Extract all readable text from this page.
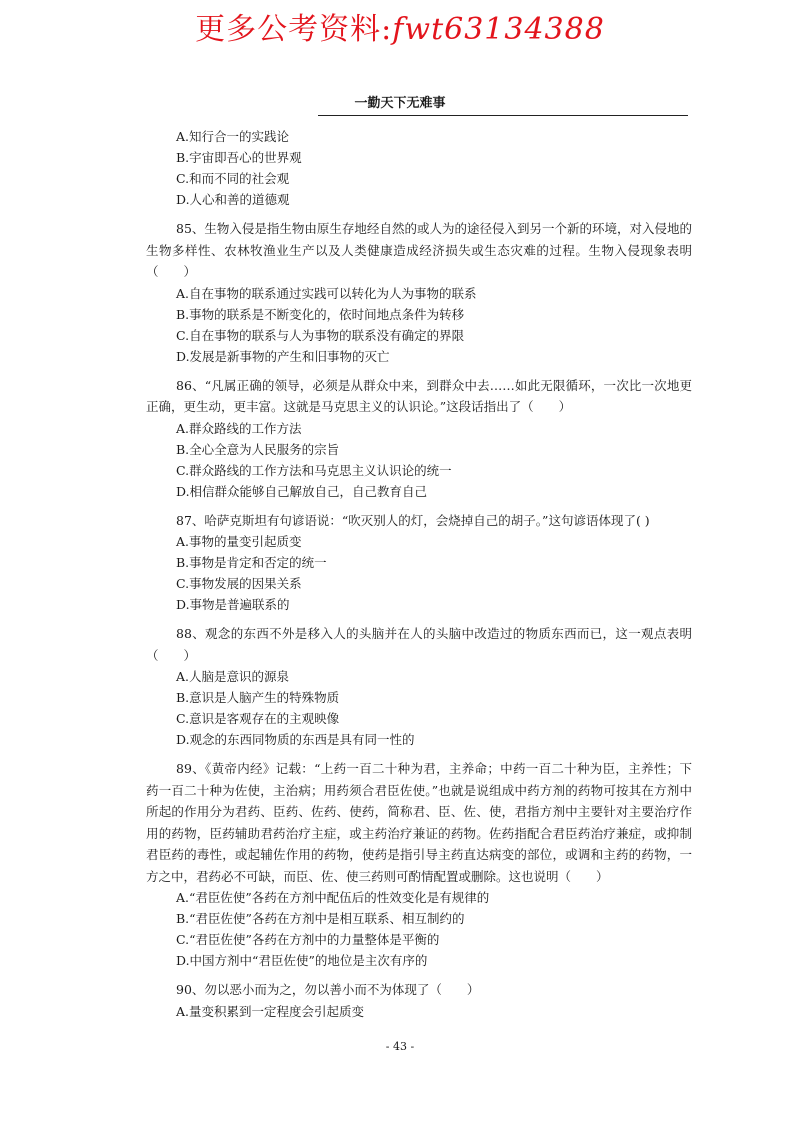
更多公考资料:fwt63134388
一勤天下无难事
A.知行合一的实践论
B.宇宙即吾心的世界观
C.和而不同的社会观
D.人心和善的道德观

85、生物入侵是指生物由原生存地经自然的或人为的途径侵入到另一个新的环境，对入侵地的生物多样性、农林牧渔业生产以及人类健康造成经济损失或生态灾难的过程。生物入侵现象表明（　　）

A.自在事物的联系通过实践可以转化为人为事物的联系
B.事物的联系是不断变化的，依时间地点条件为转移
C.自在事物的联系与人为事物的联系没有确定的界限
D.发展是新事物的产生和旧事物的灭亡

86、“凡属正确的领导，必须是从群众中来，到群众中去……如此无限循环，一次比一次地更正确，更生动，更丰富。这就是马克思主义的认识论。”这段话指出了（　　）

A.群众路线的工作方法
B.全心全意为人民服务的宗旨
C.群众路线的工作方法和马克思主义认识论的统一
D.相信群众能够自己解放自己，自己教育自己

87、哈萨克斯坦有句谚语说：“吹灭别人的灯，会烧掉自己的胡子。”这句谚语体现了( )

A.事物的量变引起质变
B.事物是肯定和否定的统一
C.事物发展的因果关系
D.事物是普遍联系的

88、观念的东西不外是移入人的头脑并在人的头脑中改造过的物质东西而已，这一观点表明（　　）

A.人脑是意识的源泉
B.意识是人脑产生的特殊物质
C.意识是客观存在的主观映像
D.观念的东西同物质的东西是具有同一性的

89、《黄帝内经》记载：“上药一百二十种为君，主养命；中药一百二十种为臣，主养性；下药一百二十种为佐使，主治病；用药须合君臣佐使。”也就是说组成中药方剂的药物可按其在方剂中所起的作用分为君药、臣药、佐药、使药，简称君、臣、佐、使，君指方剂中主要针对主要治疗作用的药物，臣药辅助君药治疗主症，或主药治疗兼证的药物。佐药指配合君臣药治疗兼症，或抑制君臣药的毒性，或起辅佐作用的药物，使药是指引导主药直达病变的部位，或调和主药的药物，一方之中，君药必不可缺，而臣、佐、使三药则可酌情配置或删除。这也说明（　　）

A.“君臣佐使”各药在方剂中配伍后的性效变化是有规律的
B.“君臣佐使”各药在方剂中是相互联系、相互制约的
C.“君臣佐使”各药在方剂中的力量整体是平衡的
D.中国方剂中“君臣佐使”的地位是主次有序的

90、勿以恶小而为之，勿以善小而不为体现了（　　）

A.量变积累到一定程度会引起质变
- 43 -
